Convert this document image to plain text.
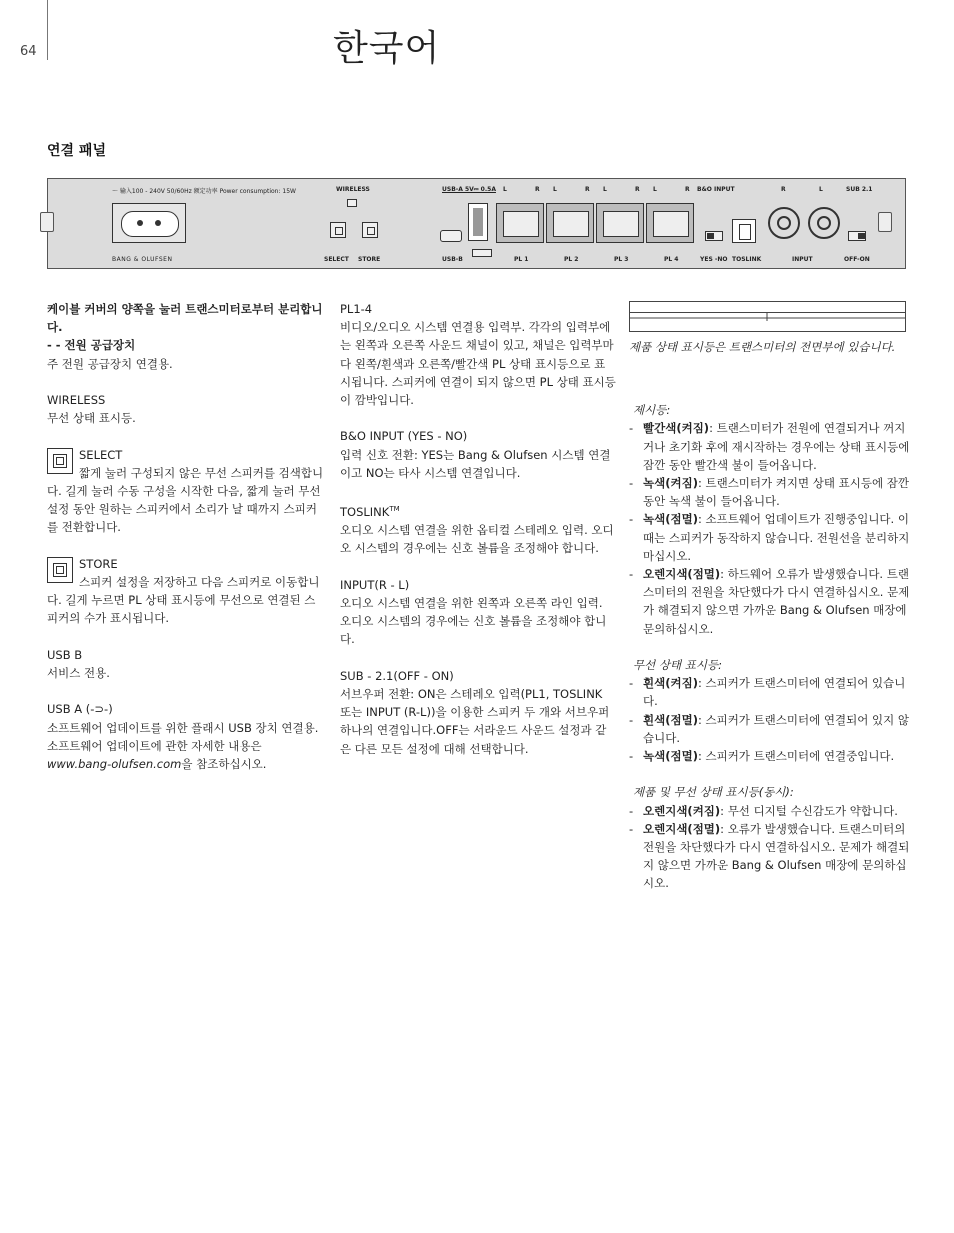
64	한국어
연결 패널
〜 输入100 - 240V 50/60Hz 额定功率 Power consumption: 15W	WIRELESS	USB-A 5V⎓ 0.5A L	R L	R L	R L	R B&O INPUT	R	L	SUB 2.1
BANG & OLUFSEN	SELECT STORE	USB-B	PL 1	PL 2	PL 3	PL 4	YES -NO TOSLINK	INPUT	OFF-ON

케이블 커버의 양쪽을 눌러 트랜스미터로부터 분리합니다.

- - 전원 공급장치

주 전원 공급장치 연결용.

WIRELESS

무선 상태 표시등.

SELECT

짧게 눌러 구성되지 않은 무선 스피커를 검색합니다. 길게 눌러 수동 구성을 시작한 다음, 짧게 눌러 무선 설정 동안 원하는 스피커에서 소리가 날 때까지 스피커를 전환합니다.

STORE

스피커 설정을 저장하고 다음 스피커로 이동합니다. 길게 누르면 PL 상태 표시등에 무선으로 연결된 스피커의 수가 표시됩니다.

USB B

서비스 전용.

USB A (-⊃-)

소프트웨어 업데이트를 위한 플래시 USB 장치 연결용. 소프트웨어 업데이트에 관한 자세한 내용은 www.bang-olufsen.com을 참조하십시오.

PL1-4

비디오/오디오 시스템 연결용 입력부. 각각의 입력부에는 왼쪽과 오른쪽 사운드 채널이 있고, 채널은 입력부마다 왼쪽/흰색과 오른쪽/빨간색 PL 상태 표시등으로 표시됩니다. 스피커에 연결이 되지 않으면 PL 상태 표시등이 깜박입니다.

B&O INPUT (YES - NO)

입력 신호 전환: YES는 Bang & Olufsen 시스템 연결이고 NO는 타사 시스템 연결입니다.

TOSLINK™

오디오 시스템 연결을 위한 옵티컬 스테레오 입력. 오디오 시스템의 경우에는 신호 볼륨을 조정해야 합니다.

INPUT(R - L)

오디오 시스템 연결을 위한 왼쪽과 오른쪽 라인 입력. 오디오 시스템의 경우에는 신호 볼륨을 조정해야 합니다.

SUB - 2.1(OFF - ON)

서브우퍼 전환: ON은 스테레오 입력(PL1, TOSLINK 또는 INPUT (R-L))을 이용한 스피커 두 개와 서브우퍼 하나의 연결입니다.OFF는 서라운드 사운드 설정과 같은 다른 모든 설정에 대해 선택합니다.

제품 상태 표시등은 트랜스미터의 전면부에 있습니다.

제시등:

- 빨간색(켜짐): 트랜스미터가 전원에 연결되거나 꺼지거나 초기화 후에 재시작하는 경우에는 상태 표시등에 잠깐 동안 빨간색 불이 들어옵니다.

- 녹색(켜짐): 트랜스미터가 켜지면 상태 표시등에 잠깐 동안 녹색 불이 들어옵니다.

- 녹색(점멸): 소프트웨어 업데이트가 진행중입니다. 이 때는 스피커가 동작하지 않습니다. 전원선을 분리하지 마십시오.

- 오렌지색(점멸): 하드웨어 오류가 발생했습니다. 트랜스미터의 전원을 차단했다가 다시 연결하십시오. 문제가 해결되지 않으면 가까운 Bang & Olufsen 매장에 문의하십시오.

무선 상태 표시등:

- 흰색(켜짐): 스피커가 트랜스미터에 연결되어 있습니다.

- 흰색(점멸): 스피커가 트랜스미터에 연결되어 있지 않습니다.

- 녹색(점멸): 스피커가 트랜스미터에 연결중입니다.

제품 및 무선 상태 표시등(동시):

- 오렌지색(켜짐): 무선 디지털 수신감도가 약합니다.

- 오렌지색(점멸): 오류가 발생했습니다. 트랜스미터의 전원을 차단했다가 다시 연결하십시오. 문제가 해결되지 않으면 가까운 Bang & Olufsen 매장에 문의하십시오.
